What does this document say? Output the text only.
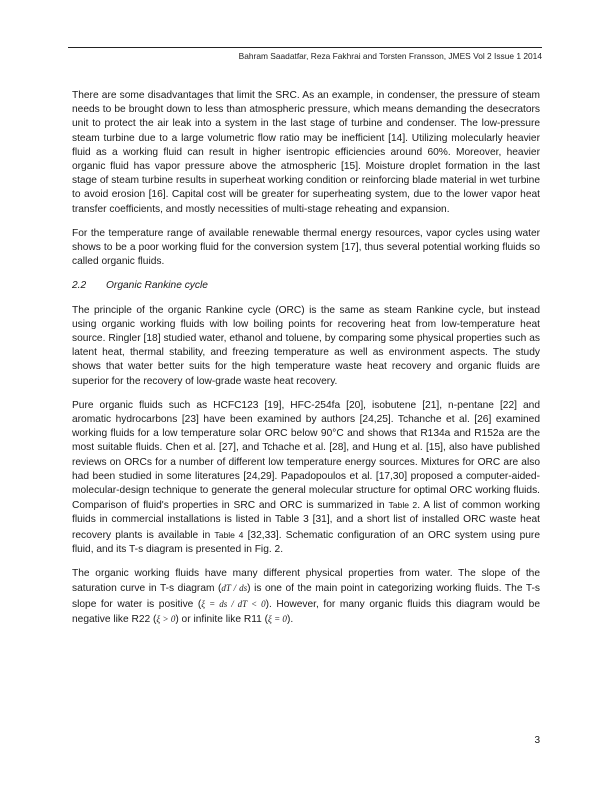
Bahram Saadatfar, Reza Fakhrai and Torsten Fransson, JMES Vol 2 Issue 1 2014

There are some disadvantages that limit the SRC. As an example, in condenser, the pressure of steam needs to be brought down to less than atmospheric pressure, which means demanding the desecrators unit to protect the air leak into a system in the last stage of turbine and condenser. The low-pressure steam turbine due to a large volumetric flow ratio may be inefficient [14]. Utilizing molecularly heavier fluid as a working fluid can result in higher isentropic efficiencies around 60%. Moreover, heavier organic fluid has vapor pressure above the atmospheric [15]. Moisture droplet formation in the last stage of steam turbine results in superheat working condition or reinforcing blade material in wet turbine to avoid erosion [16]. Capital cost will be greater for superheating system, due to the lower vapor heat transfer coefficients, and mostly necessities of multi-stage reheating and expansion.

For the temperature range of available renewable thermal energy resources, vapor cycles using water shows to be a poor working fluid for the conversion system [17], thus several potential working fluids so called organic fluids.

2.2 Organic Rankine cycle

The principle of the organic Rankine cycle (ORC) is the same as steam Rankine cycle, but instead using organic working fluids with low boiling points for recovering heat from low-temperature heat source. Ringler [18] studied water, ethanol and toluene, by comparing some physical properties such as latent heat, thermal stability, and freezing temperature as well as environment aspects. The study shows that water better suits for the high temperature waste heat recovery and organic fluids are superior for the recovery of low-grade waste heat recovery.

Pure organic fluids such as HCFC123 [19], HFC-254fa [20], isobutene [21], n-pentane [22] and aromatic hydrocarbons [23] have been examined by authors [24,25]. Tchanche et al. [26] examined working fluids for a low temperature solar ORC below 90°C and shows that R134a and R152a are the most suitable fluids. Chen et al. [27], and Tchache et al. [28], and Hung et al. [15], also have published reviews on ORCs for a number of different low temperature energy sources. Mixtures for ORC are also had been studied in some literatures [24,29]. Papadopoulos et al. [17,30] proposed a computer-aided-molecular-design technique to generate the general molecular structure for optimal ORC working fluids. Comparison of fluid's properties in SRC and ORC is summarized in Table 2. A list of common working fluids in commercial installations is listed in Table 3 [31], and a short list of installed ORC waste heat recovery plants is available in Table 4 [32,33]. Schematic configuration of an ORC system using pure fluid, and its T-s diagram is presented in Fig. 2.

The organic working fluids have many different physical properties from water. The slope of the saturation curve in T-s diagram (dT / ds) is one of the main point in categorizing working fluids. The T-s slope for water is positive (ξ = ds / dT < 0). However, for many organic fluids this diagram would be negative like R22 (ξ > 0) or infinite like R11 (ξ = 0).

3
